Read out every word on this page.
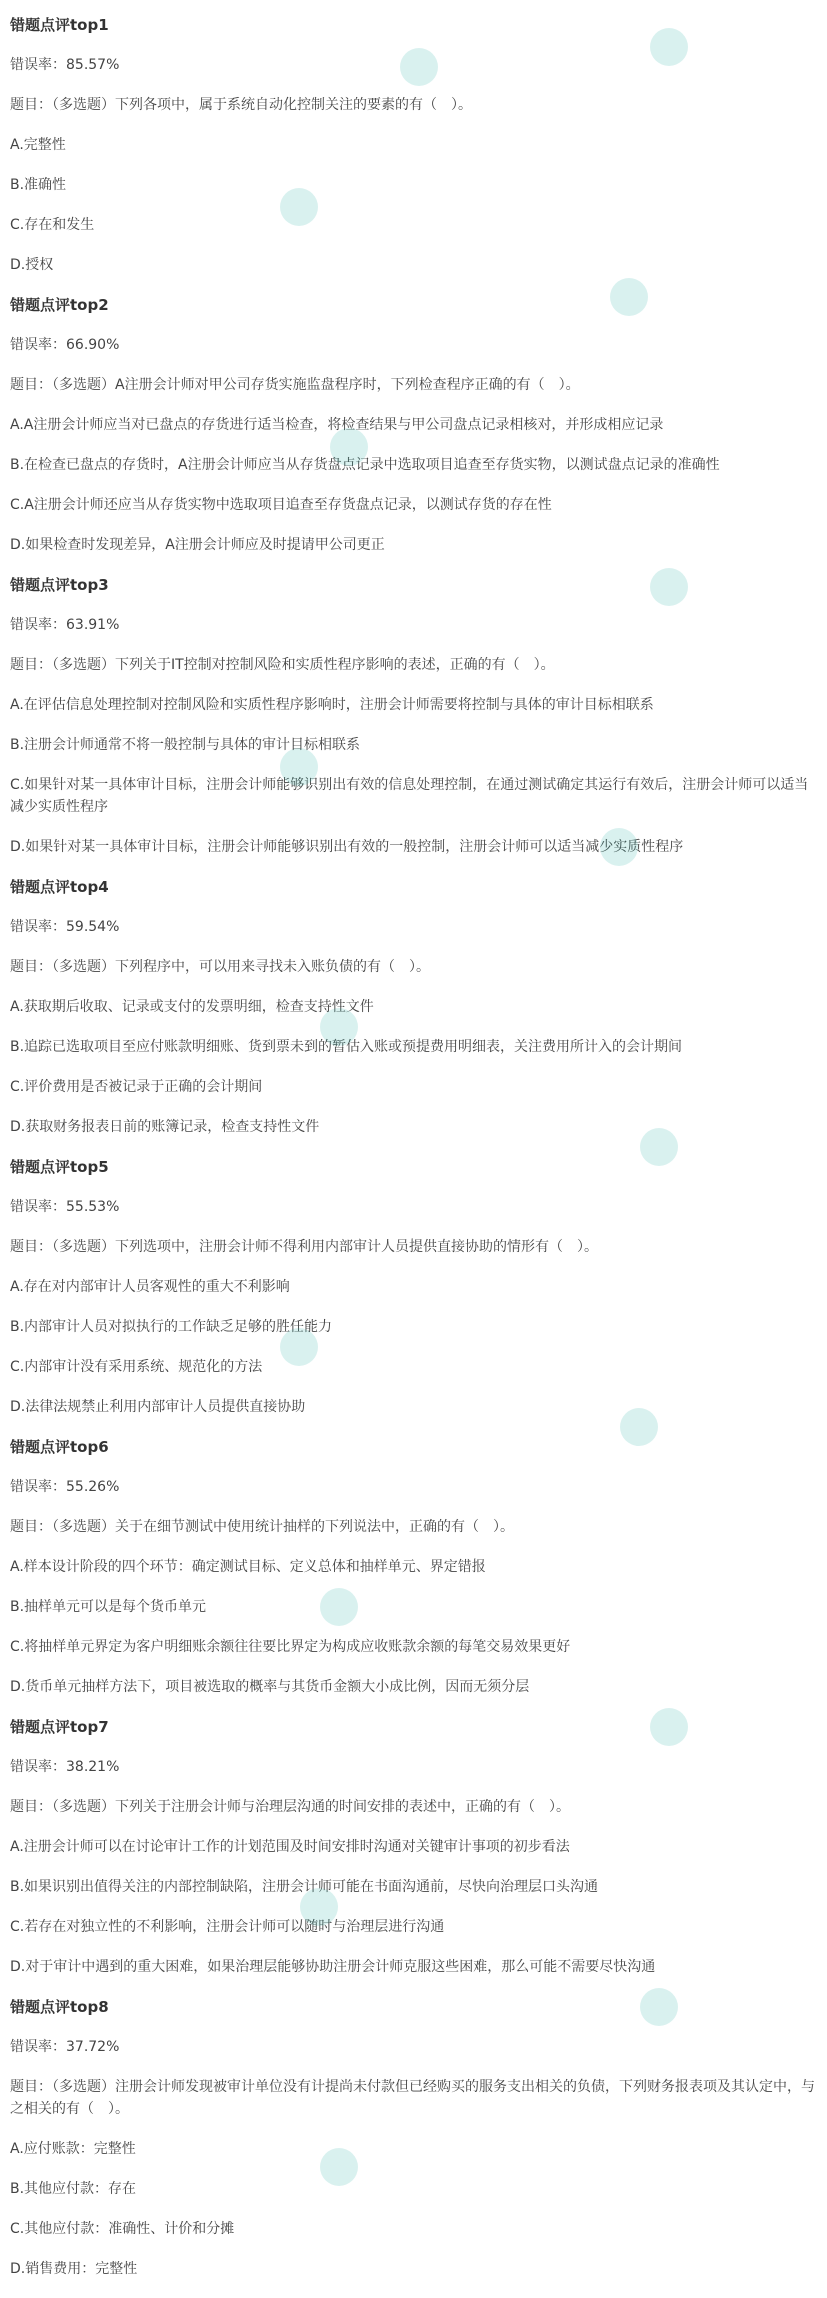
错题点评top1
错误率：85.57%
题目：（多选题）下列各项中，属于系统自动化控制关注的要素的有（　）。
A.完整性
B.准确性
C.存在和发生
D.授权
错题点评top2
错误率：66.90%
题目：（多选题）A注册会计师对甲公司存货实施监盘程序时，下列检查程序正确的有（　）。
A.A注册会计师应当对已盘点的存货进行适当检查，将检查结果与甲公司盘点记录相核对，并形成相应记录
B.在检查已盘点的存货时，A注册会计师应当从存货盘点记录中选取项目追查至存货实物，以测试盘点记录的准确性
C.A注册会计师还应当从存货实物中选取项目追查至存货盘点记录，以测试存货的存在性
D.如果检查时发现差异，A注册会计师应及时提请甲公司更正
错题点评top3
错误率：63.91%
题目：（多选题）下列关于IT控制对控制风险和实质性程序影响的表述，正确的有（　）。
A.在评估信息处理控制对控制风险和实质性程序影响时，注册会计师需要将控制与具体的审计目标相联系
B.注册会计师通常不将一般控制与具体的审计目标相联系
C.如果针对某一具体审计目标，注册会计师能够识别出有效的信息处理控制，在通过测试确定其运行有效后，注册会计师可以适当减少实质性程序
D.如果针对某一具体审计目标，注册会计师能够识别出有效的一般控制，注册会计师可以适当减少实质性程序
错题点评top4
错误率：59.54%
题目：（多选题）下列程序中，可以用来寻找未入账负债的有（　）。
A.获取期后收取、记录或支付的发票明细，检查支持性文件
B.追踪已选取项目至应付账款明细账、货到票未到的暂估入账或预提费用明细表，关注费用所计入的会计期间
C.评价费用是否被记录于正确的会计期间
D.获取财务报表日前的账簿记录，检查支持性文件
错题点评top5
错误率：55.53%
题目：（多选题）下列选项中，注册会计师不得利用内部审计人员提供直接协助的情形有（　）。
A.存在对内部审计人员客观性的重大不利影响
B.内部审计人员对拟执行的工作缺乏足够的胜任能力
C.内部审计没有采用系统、规范化的方法
D.法律法规禁止利用内部审计人员提供直接协助
错题点评top6
错误率：55.26%
题目：（多选题）关于在细节测试中使用统计抽样的下列说法中，正确的有（　）。
A.样本设计阶段的四个环节：确定测试目标、定义总体和抽样单元、界定错报
B.抽样单元可以是每个货币单元
C.将抽样单元界定为客户明细账余额往往要比界定为构成应收账款余额的每笔交易效果更好
D.货币单元抽样方法下，项目被选取的概率与其货币金额大小成比例，因而无须分层
错题点评top7
错误率：38.21%
题目：（多选题）下列关于注册会计师与治理层沟通的时间安排的表述中，正确的有（　）。
A.注册会计师可以在讨论审计工作的计划范围及时间安排时沟通对关键审计事项的初步看法
B.如果识别出值得关注的内部控制缺陷，注册会计师可能在书面沟通前，尽快向治理层口头沟通
C.若存在对独立性的不利影响，注册会计师可以随时与治理层进行沟通
D.对于审计中遇到的重大困难，如果治理层能够协助注册会计师克服这些困难，那么可能不需要尽快沟通
错题点评top8
错误率：37.72%
题目：（多选题）注册会计师发现被审计单位没有计提尚未付款但已经购买的服务支出相关的负债，下列财务报表项及其认定中，与之相关的有（　）。
A.应付账款：完整性
B.其他应付款：存在
C.其他应付款：准确性、计价和分摊
D.销售费用：完整性
